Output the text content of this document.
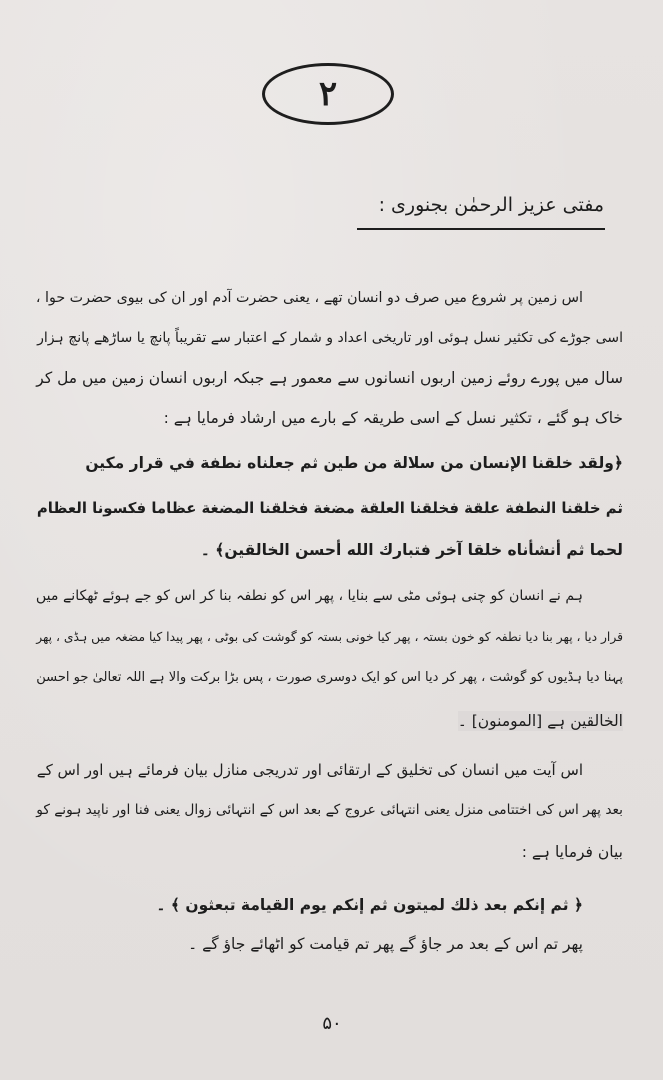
۲
مفتی عزیز الرحمٰن بجنوری :
اس زمین پر شروع میں صرف دو انسان تھے ، یعنی حضرت آدم اور ان کی بیوی حضرت حوا ،
اسی جوڑے کی تکثیر نسل ہوئی اور تاریخی اعداد و شمار کے اعتبار سے تقریباً پانچ یا ساڑھے پانچ ہزار
سال میں پورے روئے زمین اربوں انسانوں سے معمور ہے جبکہ اربوں انسان زمین میں مل کر
خاک ہو گئے ، تکثیر نسل کے اسی طریقہ کے بارے میں ارشاد فرمایا ہے :
﴿ولقد خلقنا الإنسان من سلالة من طين ثم جعلناه نطفة في قرار مكين
ثم خلقنا النطفة علقة فخلقنا العلقة مضغة فخلقنا المضغة عظاما فكسونا العظام
لحما ثم أنشأناه خلقا آخر فتبارك الله أحسن الخالقين﴾ ۔
ہم نے انسان کو چنی ہوئی مٹی سے بنایا ، پھر اس کو نطفہ بنا کر اس کو جے ہوئے ٹھکانے میں
قرار دیا ، پھر بنا دیا نطفہ کو خون بستہ ، پھر کیا خونی بستہ کو گوشت کی بوٹی ، پھر پیدا کیا مضغہ میں ہڈی ، پھر
پہنا دیا ہڈیوں کو گوشت ، پھر کر دیا اس کو ایک دوسری صورت ، پس بڑا برکت والا ہے اللہ تعالیٰ جو احسن
الخالقین ہے [المومنون] ۔
اس آیت میں انسان کی تخلیق کے ارتقائی اور تدریجی منازل بیان فرمائے ہیں اور اس کے
بعد پھر اس کی اختتامی منزل یعنی انتہائی عروج کے بعد اس کے انتہائی زوال یعنی فنا اور ناپید ہونے کو
بیان فرمایا ہے :
﴿ ثم إنكم بعد ذلك لميتون ثم إنكم يوم القيامة تبعثون ﴾ ۔
پھر تم اس کے بعد مر جاؤ گے پھر تم قیامت کو اٹھائے جاؤ گے ۔
۵۰
